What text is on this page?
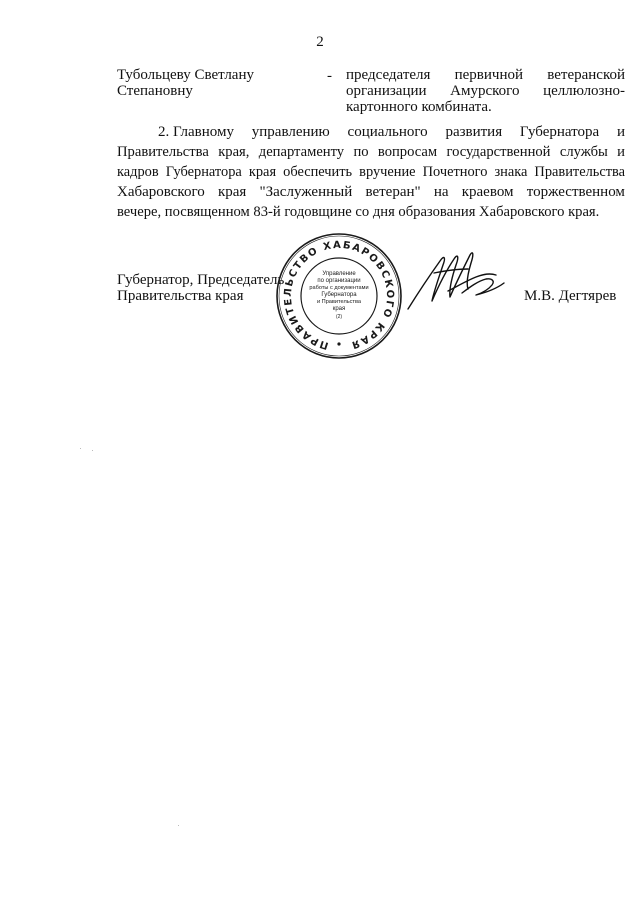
2
Тубольцеву Светлану
Степановну
- председателя первичной ветеранской
организации Амурского целлюлозно-
картонного комбината.
2. Главному управлению социального развития Губернатора и
Правительства края, департаменту по вопросам государственной службы и
кадров Губернатора края обеспечить вручение Почетного знака Правительства
Хабаровского края "Заслуженный ветеран" на краевом торжественном
вечере, посвященном 83-й годовщине со дня образования Хабаровского края.
Губернатор, Председатель
Правительства края	М.В. Дегтярев
ПРАВИТЕЛЬСТВО ХАБАРОВСКОГО КРАЯ
Управление
по организации
работы с документами
Губернатора
и Правительства
края
(2)
